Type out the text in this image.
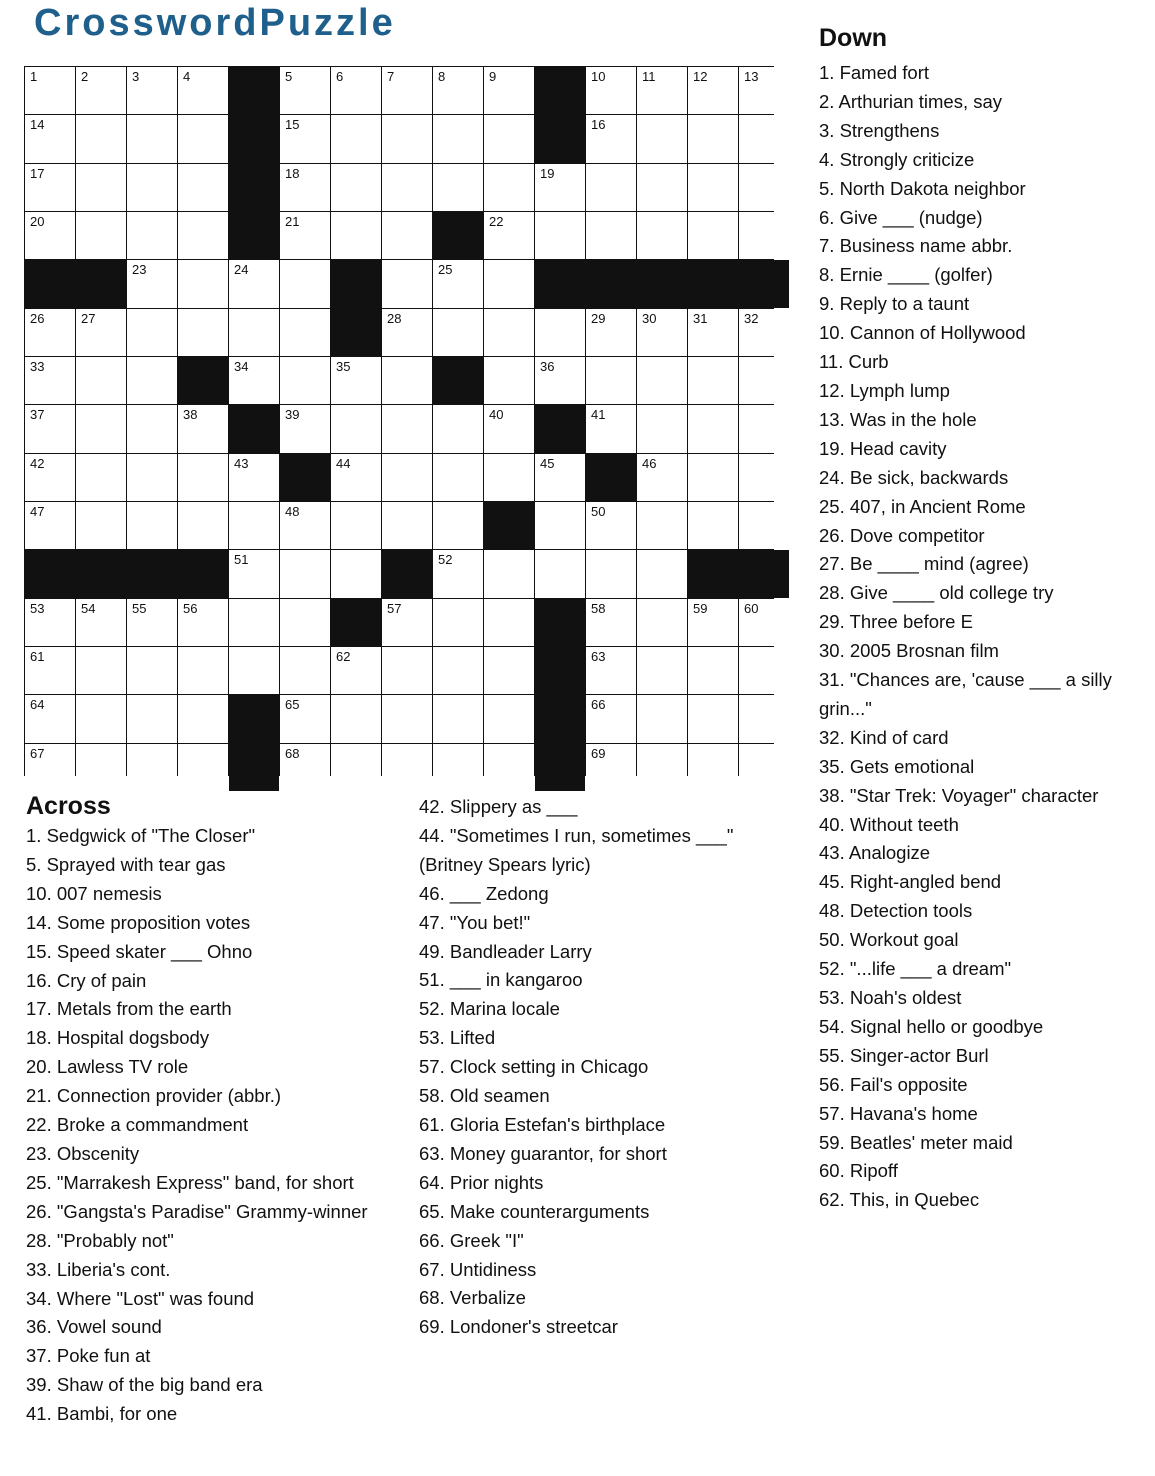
CrosswordPuzzle
1	2	3	4	5	6	7	8	9	10	11	12	13
14	15	16
17	18	19
20	21	22
23	24	25
26	27	28	29	30	31	32
33	34	35	36
37	38	39	40	41
42	43	44	45	46
47	48	49	50
51	52
53	54	55	56	57	58	59	60
61	62	63
64	65	66
67	68	69
Across
1. Sedgwick of "The Closer"
5. Sprayed with tear gas
10. 007 nemesis
14. Some proposition votes
15. Speed skater ___ Ohno
16. Cry of pain
17. Metals from the earth
18. Hospital dogsbody
20. Lawless TV role
21. Connection provider (abbr.)
22. Broke a commandment
23. Obscenity
25. "Marrakesh Express" band, for short
26. "Gangsta's Paradise" Grammy-winner
28. "Probably not"
33. Liberia's cont.
34. Where "Lost" was found
36. Vowel sound
37. Poke fun at
39. Shaw of the big band era
41. Bambi, for one
42. Slippery as ___
44. "Sometimes I run, sometimes ___"
(Britney Spears lyric)
46. ___ Zedong
47. "You bet!"
49. Bandleader Larry
51. ___ in kangaroo
52. Marina locale
53. Lifted
57. Clock setting in Chicago
58. Old seamen
61. Gloria Estefan's birthplace
63. Money guarantor, for short
64. Prior nights
65. Make counterarguments
66. Greek "I"
67. Untidiness
68. Verbalize
69. Londoner's streetcar
Down
1. Famed fort
2. Arthurian times, say
3. Strengthens
4. Strongly criticize
5. North Dakota neighbor
6. Give ___ (nudge)
7. Business name abbr.
8. Ernie ____ (golfer)
9. Reply to a taunt
10. Cannon of Hollywood
11. Curb
12. Lymph lump
13. Was in the hole
19. Head cavity
24. Be sick, backwards
25. 407, in Ancient Rome
26. Dove competitor
27. Be ____ mind (agree)
28. Give ____ old college try
29. Three before E
30. 2005 Brosnan film
31. "Chances are, 'cause ___ a silly grin..."
32. Kind of card
35. Gets emotional
38. "Star Trek: Voyager" character
40. Without teeth
43. Analogize
45. Right-angled bend
48. Detection tools
50. Workout goal
52. "...life ___ a dream"
53. Noah's oldest
54. Signal hello or goodbye
55. Singer-actor Burl
56. Fail's opposite
57. Havana's home
59. Beatles' meter maid
60. Ripoff
62. This, in Quebec
